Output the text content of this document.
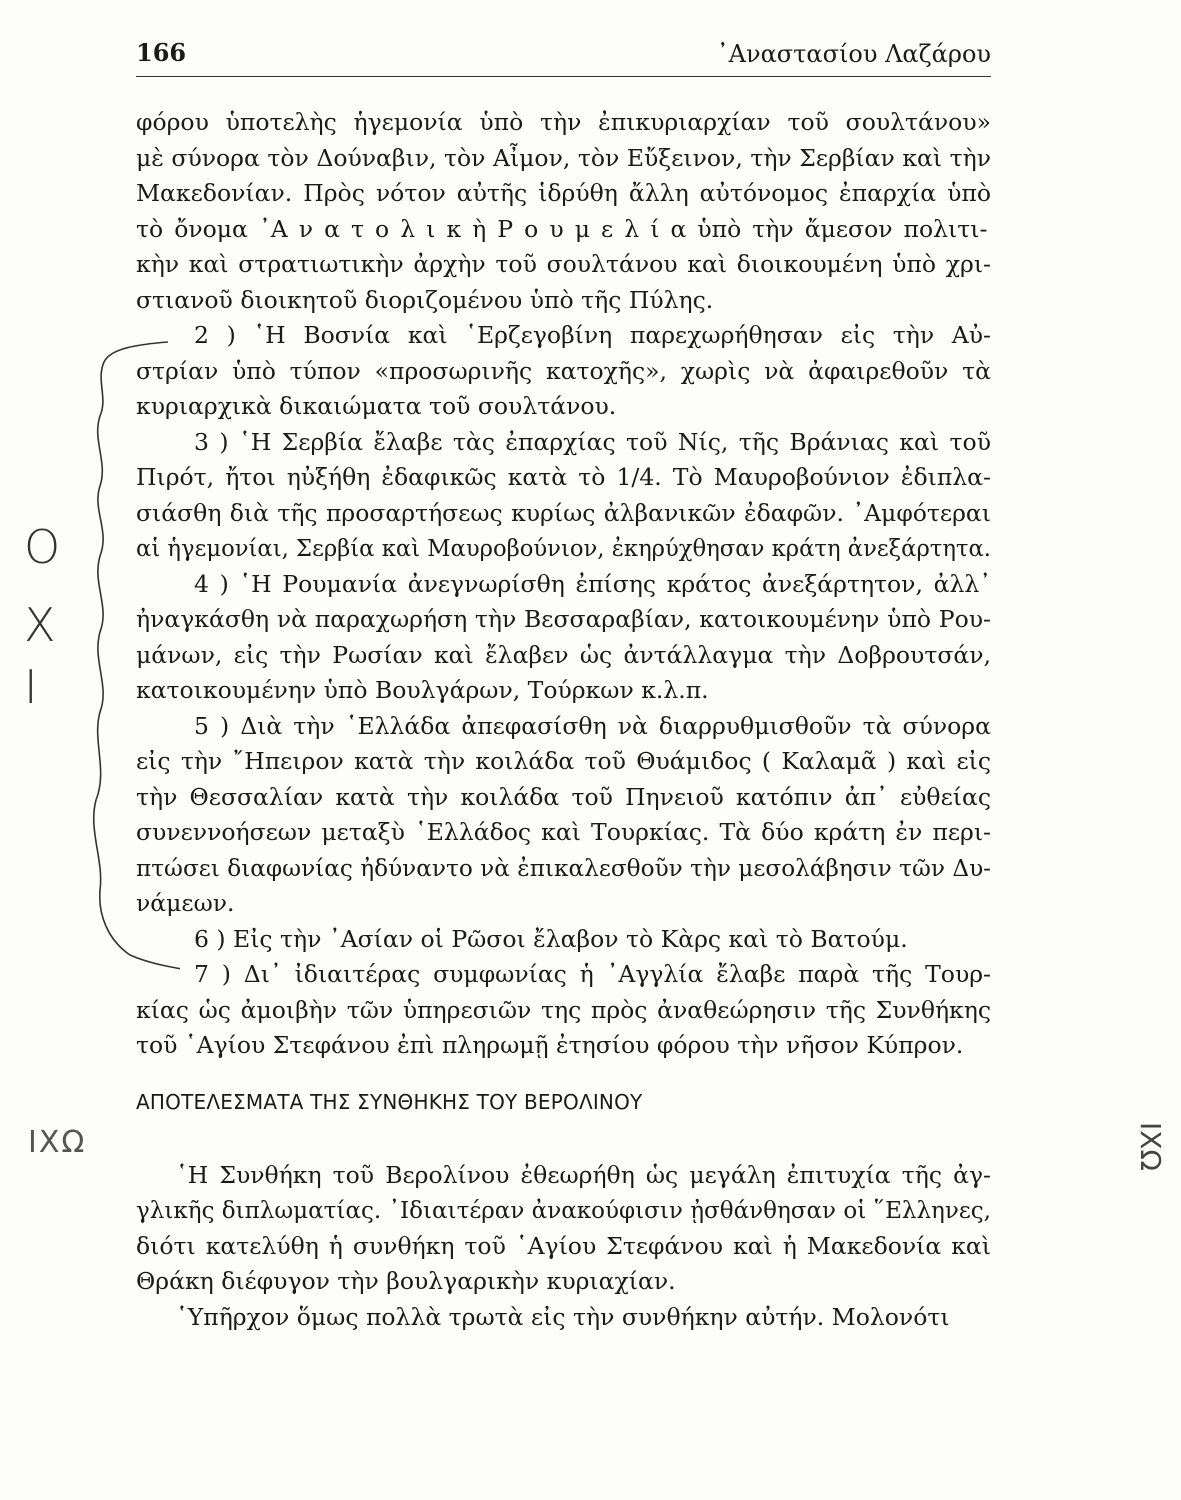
166	᾿Αναστασίου Λαζάρου
Ο
Χ
Ι
ΙΧΩ	ΙΧΩ

φόρου ὑποτελὴς ἡγεμονία ὑπὸ τὴν ἐπικυριαρχίαν τοῦ σουλτάνου»
μὲ σύνορα τὸν Δούναβιν, τὸν Αἶμον, τὸν Εὔξεινον, τὴν Σερβίαν καὶ τὴν
Μακεδονίαν. Πρὸς νότον αὐτῆς ἱδρύθη ἄλλη αὐτόνομος ἐπαρχία ὑπὸ
τὸ ὄνομα ᾿Α ν α τ ο λ ι κ ὴ Ρ ο υ μ ε λ ί α ὑπὸ τὴν ἄμεσον πολιτι-
κὴν καὶ στρατιωτικὴν ἀρχὴν τοῦ σουλτάνου καὶ διοικουμένη ὑπὸ χρι-
στιανοῦ διοικητοῦ διοριζομένου ὑπὸ τῆς Πύλης.

2 ) ῾Η Βοσνία καὶ ῾Ερζεγοβίνη παρεχωρήθησαν εἰς τὴν Αὐ-
στρίαν ὑπὸ τύπον «προσωρινῆς κατοχῆς», χωρὶς νὰ ἀφαιρεθοῦν τὰ
κυριαρχικὰ δικαιώματα τοῦ σουλτάνου.

3 ) ῾Η Σερβία ἔλαβε τὰς ἐπαρχίας τοῦ Νίς, τῆς Βράνιας καὶ τοῦ
Πιρότ, ἤτοι ηὐξήθη ἐδαφικῶς κατὰ τὸ 1/4. Τὸ Μαυροβούνιον ἐδιπλα-
σιάσθη διὰ τῆς προσαρτήσεως κυρίως ἀλβανικῶν ἐδαφῶν. ᾿Αμφότεραι
αἱ ἡγεμονίαι, Σερβία καὶ Μαυροβούνιον, ἐκηρύχθησαν κράτη ἀνεξάρτητα.

4 ) ῾Η Ρουμανία ἀνεγνωρίσθη ἐπίσης κράτος ἀνεξάρτητον, ἀλλ᾿
ἠναγκάσθη νὰ παραχωρήση τὴν Βεσσαραβίαν, κατοικουμένην ὑπὸ Ρου-
μάνων, εἰς τὴν Ρωσίαν καὶ ἔλαβεν ὡς ἀντάλλαγμα τὴν Δοβρουτσάν,
κατοικουμένην ὑπὸ Βουλγάρων, Τούρκων κ.λ.π.

5 ) Διὰ τὴν ῾Ελλάδα ἀπεφασίσθη νὰ διαρρυθμισθοῦν τὰ σύνορα
εἰς τὴν ῎Ηπειρον κατὰ τὴν κοιλάδα τοῦ Θυάμιδος ( Καλαμᾶ ) καὶ εἰς
τὴν Θεσσαλίαν κατὰ τὴν κοιλάδα τοῦ Πηνειοῦ κατόπιν ἀπ᾿ εὐθείας
συνεννοήσεων μεταξὺ ῾Ελλάδος καὶ Τουρκίας. Τὰ δύο κράτη ἐν περι-
πτώσει διαφωνίας ἠδύναντο νὰ ἐπικαλεσθοῦν τὴν μεσολάβησιν τῶν Δυ-
νάμεων.

6 ) Εἰς τὴν ᾿Ασίαν οἱ Ρῶσοι ἔλαβον τὸ Κὰρς καὶ τὸ Βατούμ.

7 ) Δι᾿ ἰδιαιτέρας συμφωνίας ἡ ᾿Αγγλία ἔλαβε παρὰ τῆς Τουρ-
κίας ὡς ἀμοιβὴν τῶν ὑπηρεσιῶν της πρὸς ἀναθεώρησιν τῆς Συνθήκης
τοῦ ῾Αγίου Στεφάνου ἐπὶ πληρωμῇ ἐτησίου φόρου τὴν νῆσον Κύπρον.

ΑΠΟΤΕΛΕΣΜΑΤΑ ΤΗΣ ΣΥΝΘΗΚΗΣ ΤΟΥ ΒΕΡΟΛΙΝΟΥ

῾Η Συνθήκη τοῦ Βερολίνου ἐθεωρήθη ὡς μεγάλη ἐπιτυχία τῆς ἀγ-
γλικῆς διπλωματίας. ᾿Ιδιαιτέραν ἀνακούφισιν ᾐσθάνθησαν οἱ ῞Ελληνες,
διότι κατελύθη ἡ συνθήκη τοῦ ῾Αγίου Στεφάνου καὶ ἡ Μακεδονία καὶ
Θράκη διέφυγον τὴν βουλγαρικὴν κυριαχίαν.

῾Υπῆρχον ὅμως πολλὰ τρωτὰ εἰς τὴν συνθήκην αὐτήν. Μολονότι
